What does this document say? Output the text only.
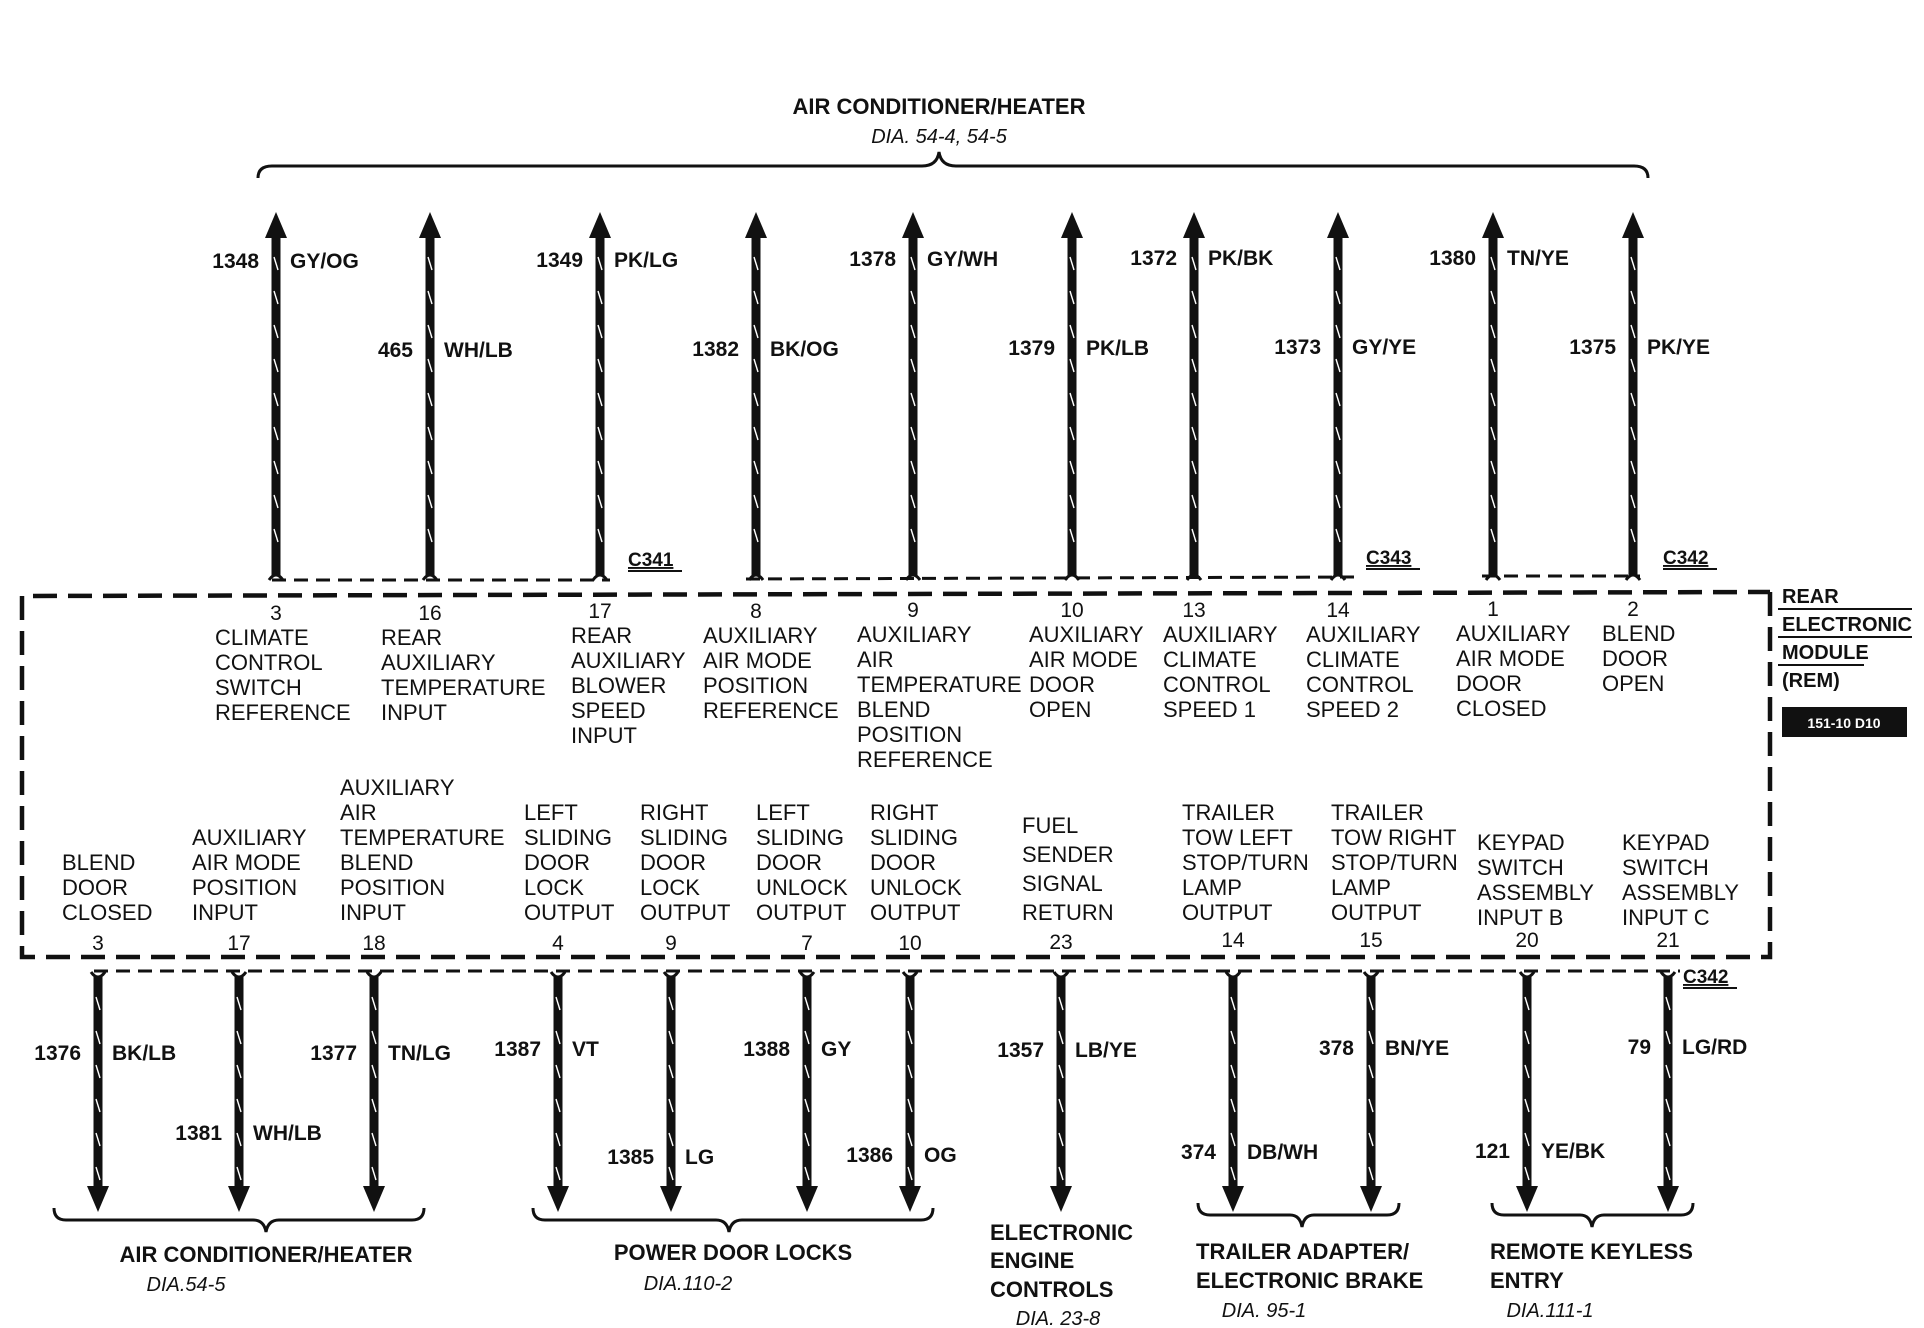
AIR CONDITIONER/HEATER
DIA. 54-4, 54-5
C341	C343	C342
C342
REAR
ELECTRONIC
MODULE
(REM)
151-10 D10
AIR CONDITIONER/HEATER
DIA.54-5
POWER DOOR LOCKS
DIA.110-2
ELECTRONIC
ENGINE
CONTROLS
DIA. 23-8
TRAILER ADAPTER/
ELECTRONIC BRAKE
DIA. 95-1
REMOTE KEYLESS
ENTRY
DIA.111-1
1348 GY/OG
3
CLIMATE
CONTROL
SWITCH
REFERENCE
465 WH/LB
16
REAR
AUXILIARY
TEMPERATURE
INPUT
1349 PK/LG
17
REAR
AUXILIARY
BLOWER
SPEED
INPUT
1382 BK/OG
8
AUXILIARY
AIR MODE
POSITION
REFERENCE
1378 GY/WH
9
AUXILIARY
AIR
TEMPERATURE
BLEND
POSITION
REFERENCE
1379 PK/LB
10
AUXILIARY
AIR MODE
DOOR
OPEN
1372 PK/BK
13
AUXILIARY
CLIMATE
CONTROL
SPEED 1
1373 GY/YE
14
AUXILIARY
CLIMATE
CONTROL
SPEED 2
1380 TN/YE
1
AUXILIARY
AIR MODE
DOOR
CLOSED
1375 PK/YE
2
BLEND
DOOR
OPEN
1376 BK/LB
3
BLEND
DOOR
CLOSED
1381 WH/LB
17
AUXILIARY
AIR MODE
POSITION
INPUT
1377 TN/LG
18
AUXILIARY
AIR
TEMPERATURE
BLEND
POSITION
INPUT
1387 VT
4
LEFT
SLIDING
DOOR
LOCK
OUTPUT
1385 LG
9
RIGHT
SLIDING
DOOR
LOCK
OUTPUT
1388 GY
7
LEFT
SLIDING
DOOR
UNLOCK
OUTPUT
1386 OG
10
RIGHT
SLIDING
DOOR
UNLOCK
OUTPUT
1357 LB/YE
23
FUEL
SENDER
SIGNAL
RETURN
374 DB/WH
14
TRAILER
TOW LEFT
STOP/TURN
LAMP
OUTPUT
378 BN/YE
15
TRAILER
TOW RIGHT
STOP/TURN
LAMP
OUTPUT
121 YE/BK
20
KEYPAD
SWITCH
ASSEMBLY
INPUT B
79 LG/RD
21
KEYPAD
SWITCH
ASSEMBLY
INPUT C
